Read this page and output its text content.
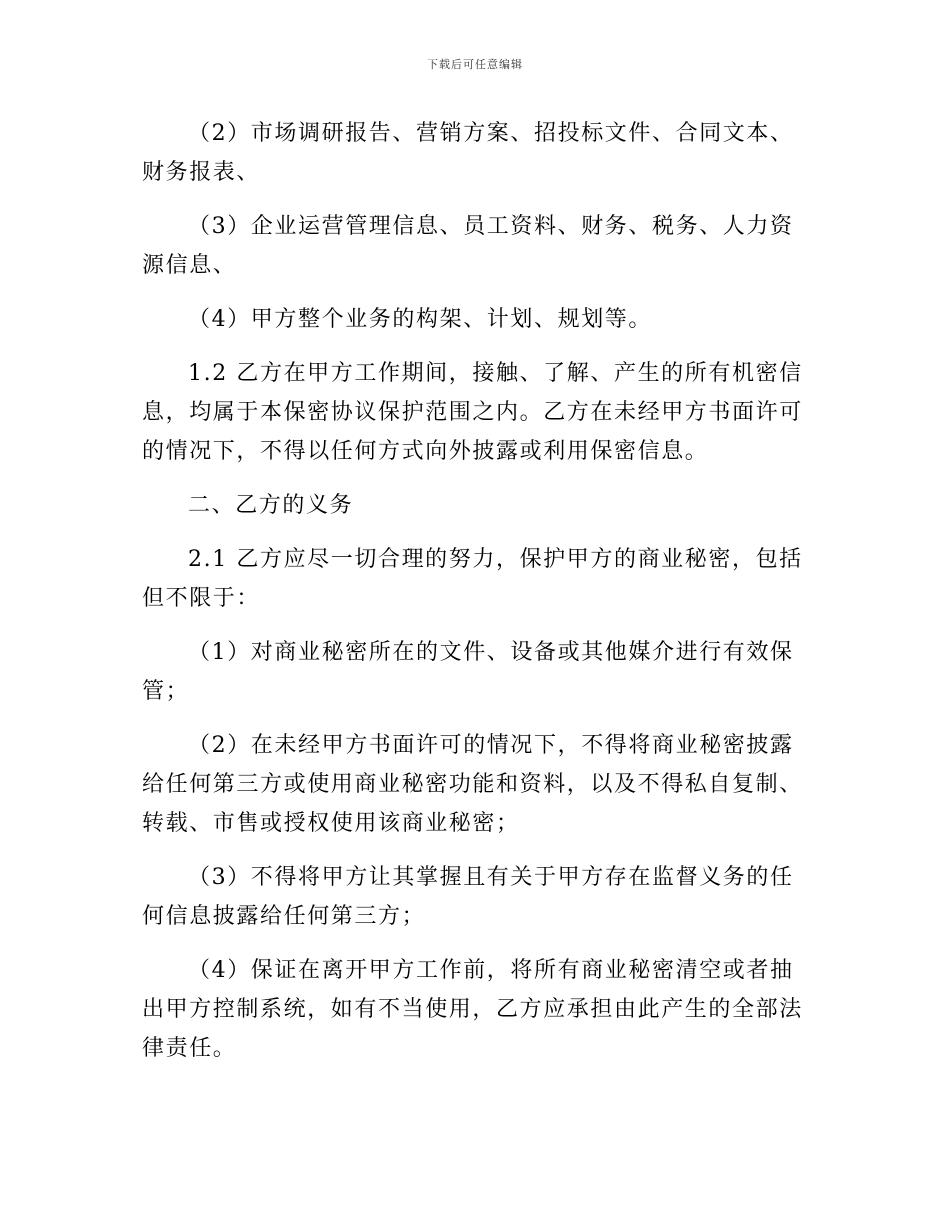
下载后可任意编辑

（2）市场调研报告、营销方案、招投标文件、合同文本、财务报表、

（3）企业运营管理信息、员工资料、财务、税务、人力资源信息、

（4）甲方整个业务的构架、计划、规划等。

1.2 乙方在甲方工作期间，接触、了解、产生的所有机密信息，均属于本保密协议保护范围之内。乙方在未经甲方书面许可的情况下，不得以任何方式向外披露或利用保密信息。

二、乙方的义务

2.1 乙方应尽一切合理的努力，保护甲方的商业秘密，包括但不限于：

（1）对商业秘密所在的文件、设备或其他媒介进行有效保管；

（2）在未经甲方书面许可的情况下，不得将商业秘密披露给任何第三方或使用商业秘密功能和资料，以及不得私自复制、转载、市售或授权使用该商业秘密；

（3）不得将甲方让其掌握且有关于甲方存在监督义务的任何信息披露给任何第三方；

（4）保证在离开甲方工作前，将所有商业秘密清空或者抽出甲方控制系统，如有不当使用，乙方应承担由此产生的全部法律责任。
